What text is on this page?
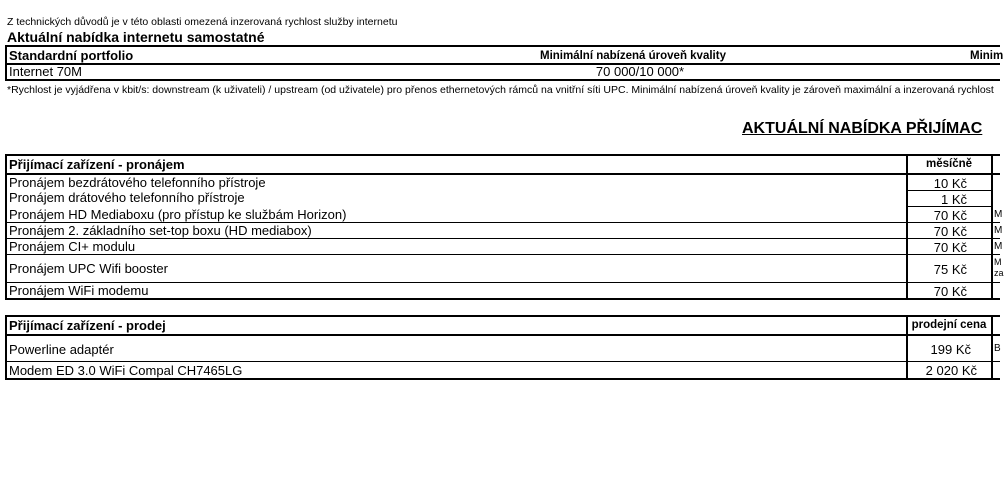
Z technických důvodů je v této oblasti omezená inzerovaná rychlost služby internetu
Aktuální nabídka internetu samostatné
Standardní portfolio	Minimální nabízená úroveň kvality	Minim
Internet 70M	70 000/10 000*
*Rychlost je vyjádřena v kbit/s: downstream (k uživateli) / upstream (od uživatele) pro přenos ethernetových rámců na vnitřní síti UPC. Minimální nabízená úroveň kvality je zároveň maximální a inzerovaná rychlost
AKTUÁLNÍ NABÍDKA PŘIJÍMAC
Přijímací zařízení - pronájem	měsíčně
Pronájem bezdrátového telefonního přístroje	10 Kč
Pronájem drátového telefonního přístroje	1 Kč
Pronájem HD Mediaboxu (pro přístup ke službám Horizon)	70 Kč	M
Pronájem 2. základního set-top boxu (HD mediabox)	70 Kč	M
Pronájem CI+ modulu	70 Kč	M
Pronájem UPC Wifi booster	75 Kč	M
za
Pronájem WiFi modemu	70 Kč
Přijímací zařízení - prodej	prodejní cena
Powerline adaptér	199 Kč B
Modem ED 3.0 WiFi Compal CH7465LG	2 020 Kč
